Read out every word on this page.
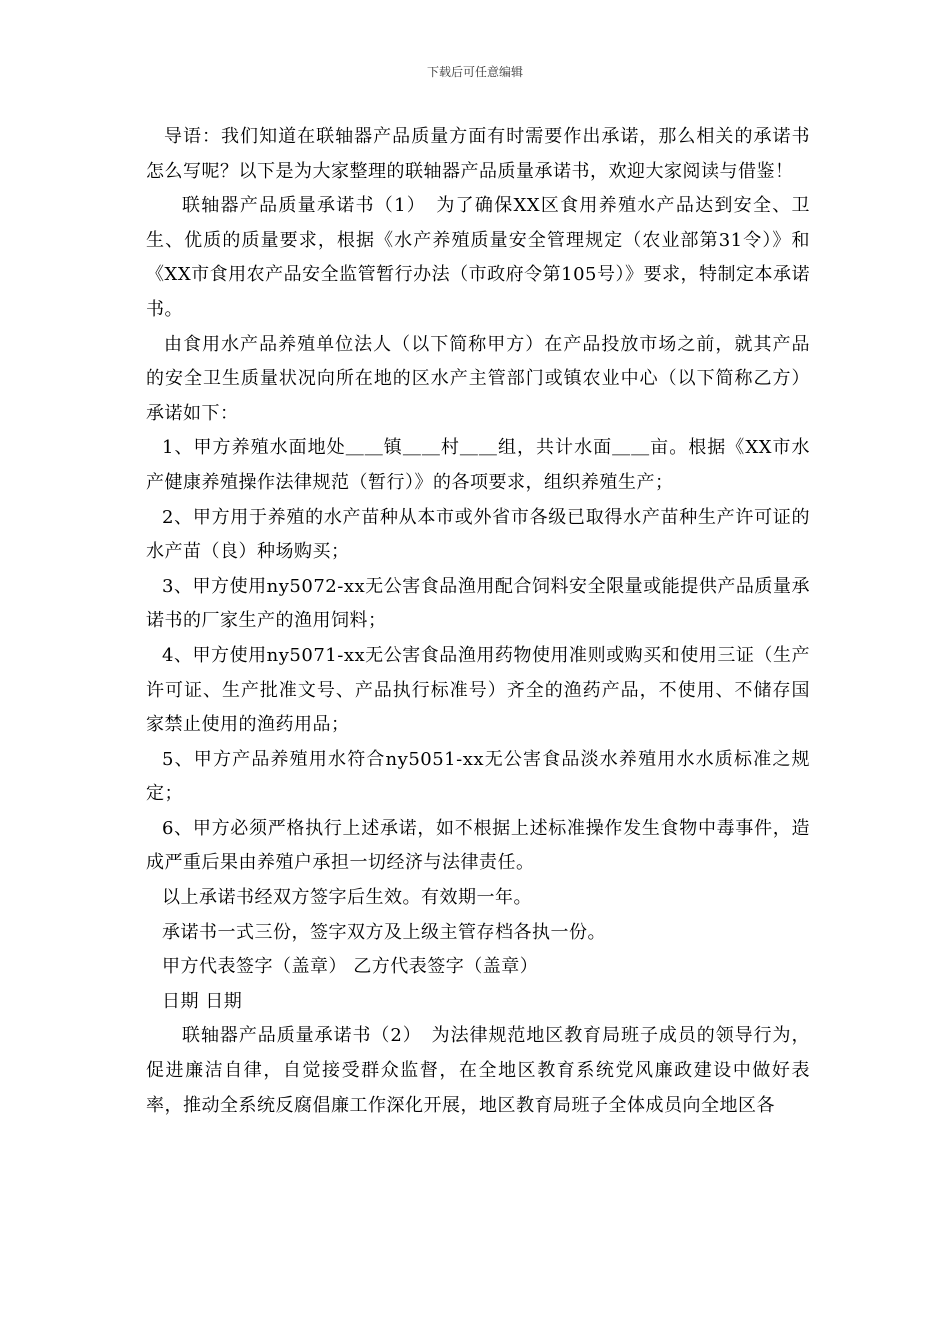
下载后可任意编辑

导语：我们知道在联轴器产品质量方面有时需要作出承诺，那么相关的承诺书怎么写呢？以下是为大家整理的联轴器产品质量承诺书，欢迎大家阅读与借鉴！

联轴器产品质量承诺书（1）　为了确保XX区食用养殖水产品达到安全、卫生、优质的质量要求，根据《水产养殖质量安全管理规定（农业部第31令）》和《XX市食用农产品安全监管暂行办法（市政府令第105号）》要求，特制定本承诺书。

由食用水产品养殖单位法人（以下简称甲方）在产品投放市场之前，就其产品的安全卫生质量状况向所在地的区水产主管部门或镇农业中心（以下简称乙方）承诺如下：

1、甲方养殖水面地处＿＿镇＿＿村＿＿组，共计水面＿＿亩。根据《XX市水产健康养殖操作法律规范（暂行）》的各项要求，组织养殖生产；

2、甲方用于养殖的水产苗种从本市或外省市各级已取得水产苗种生产许可证的水产苗（良）种场购买；

3、甲方使用ny5072-xx无公害食品渔用配合饲料安全限量或能提供产品质量承诺书的厂家生产的渔用饲料；

4、甲方使用ny5071-xx无公害食品渔用药物使用准则或购买和使用三证（生产许可证、生产批准文号、产品执行标准号）齐全的渔药产品，不使用、不储存国家禁止使用的渔药用品；

5、甲方产品养殖用水符合ny5051-xx无公害食品淡水养殖用水水质标准之规定；

6、甲方必须严格执行上述承诺，如不根据上述标准操作发生食物中毒事件，造成严重后果由养殖户承担一切经济与法律责任。

以上承诺书经双方签字后生效。有效期一年。

承诺书一式三份，签字双方及上级主管存档各执一份。

甲方代表签字（盖章） 乙方代表签字（盖章）

日期 日期

联轴器产品质量承诺书（2）　为法律规范地区教育局班子成员的领导行为，促进廉洁自律，自觉接受群众监督，在全地区教育系统党风廉政建设中做好表率，推动全系统反腐倡廉工作深化开展，地区教育局班子全体成员向全地区各
